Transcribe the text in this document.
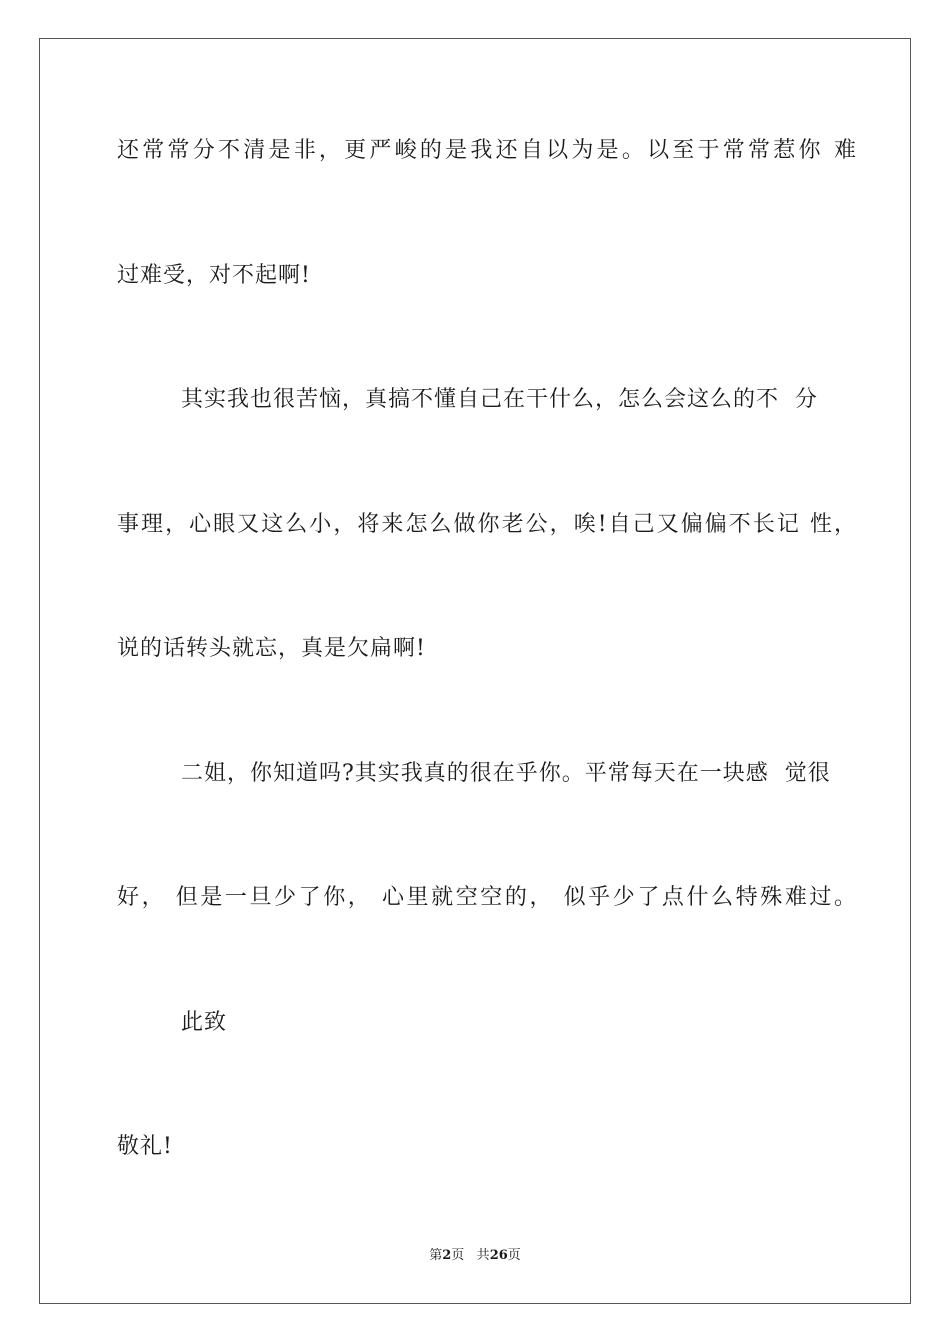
还常常分不清是非，更严峻的是我还自以为是。以至于常常惹你 难
过难受，对不起啊!
其实我也很苦恼，真搞不懂自己在干什么，怎么会这么的不  分
事理，心眼又这么小，将来怎么做你老公，唉!自己又偏偏不长记 性，
说的话转头就忘，真是欠扁啊!
二姐，你知道吗?其实我真的很在乎你。平常每天在一块感  觉很
好， 但是一旦少了你， 心里就空空的， 似乎少了点什么特殊难过。
此致
敬礼!
第2页 共26页
